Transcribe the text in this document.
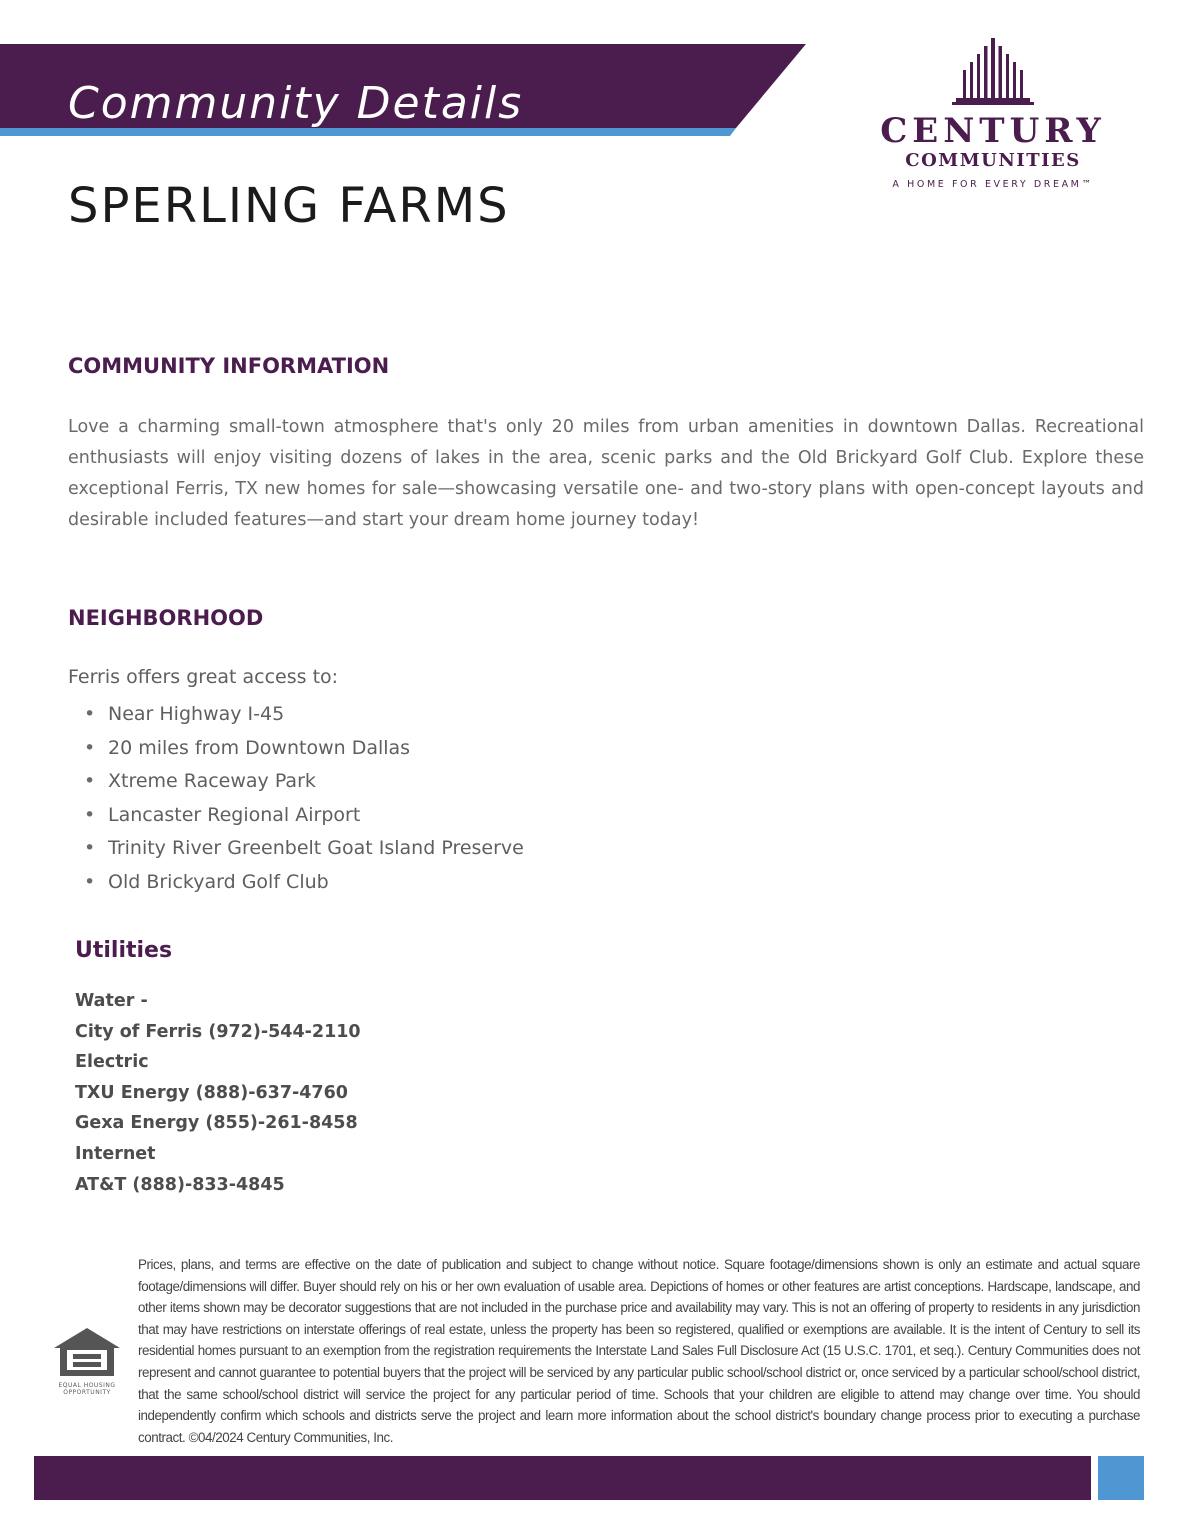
Community Details
CENTURY
COMMUNITIES
A HOME FOR EVERY DREAM™
SPERLING FARMS
COMMUNITY INFORMATION
Love a charming small-town atmosphere that's only 20 miles from urban amenities in downtown Dallas. Recreational enthusiasts will enjoy visiting dozens of lakes in the area, scenic parks and the Old Brickyard Golf Club. Explore these exceptional Ferris, TX new homes for sale—showcasing versatile one- and two-story plans with open-concept layouts and desirable included features—and start your dream home journey today!
NEIGHBORHOOD
Ferris offers great access to:
• Near Highway I-45
• 20 miles from Downtown Dallas
• Xtreme Raceway Park
• Lancaster Regional Airport
• Trinity River Greenbelt Goat Island Preserve
• Old Brickyard Golf Club
Utilities
Water -
City of Ferris (972)-544-2110
Electric
TXU Energy (888)-637-4760
Gexa Energy (855)-261-8458
Internet
AT&T (888)-833-4845
EQUAL HOUSING
OPPORTUNITY
Prices, plans, and terms are effective on the date of publication and subject to change without notice. Square footage/dimensions shown is only an estimate and actual square footage/dimensions will differ. Buyer should rely on his or her own evaluation of usable area. Depictions of homes or other features are artist conceptions. Hardscape, landscape, and other items shown may be decorator suggestions that are not included in the purchase price and availability may vary. This is not an offering of property to residents in any jurisdiction that may have restrictions on interstate offerings of real estate, unless the property has been so registered, qualified or exemptions are available. It is the intent of Century to sell its residential homes pursuant to an exemption from the registration requirements the Interstate Land Sales Full Disclosure Act (15 U.S.C. 1701, et seq.). Century Communities does not represent and cannot guarantee to potential buyers that the project will be serviced by any particular public school/school district or, once serviced by a particular school/school district, that the same school/school district will service the project for any particular period of time. Schools that your children are eligible to attend may change over time. You should independently confirm which schools and districts serve the project and learn more information about the school district's boundary change process prior to executing a purchase contract. ©04/2024 Century Communities, Inc.
